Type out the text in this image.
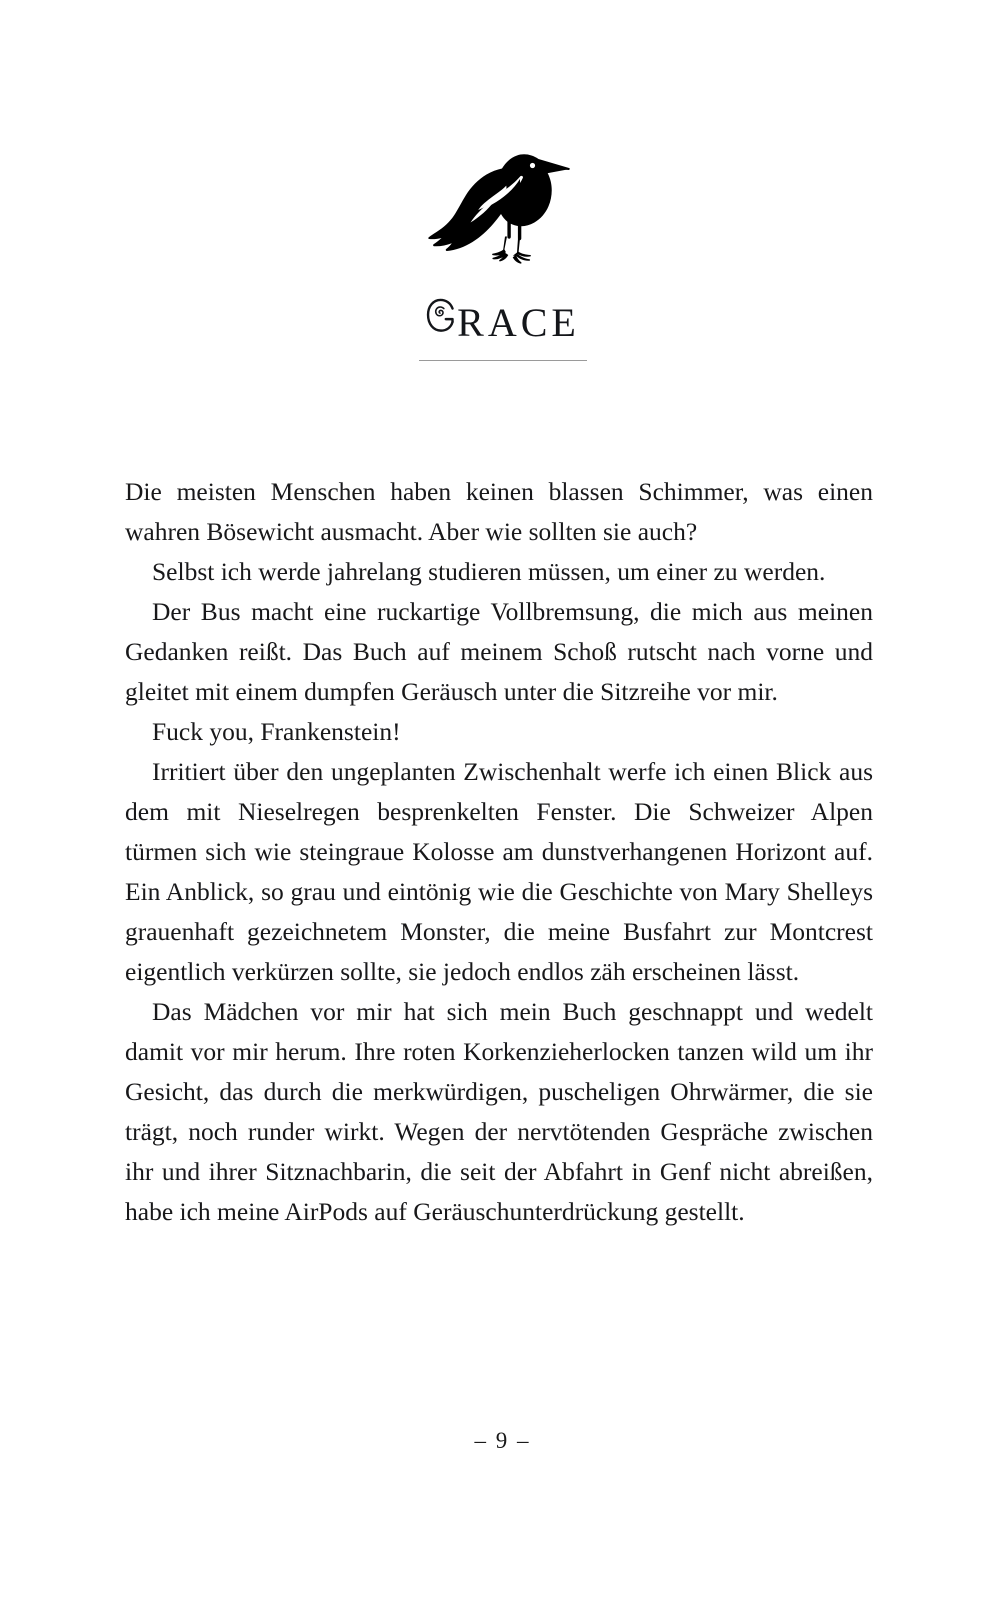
RACE

Die meisten Menschen haben keinen blassen Schimmer, was einen wahren Bösewicht ausmacht. Aber wie sollten sie auch?

Selbst ich werde jahrelang studieren müssen, um einer zu werden.

Der Bus macht eine ruckartige Vollbremsung, die mich aus meinen Gedanken reißt. Das Buch auf meinem Schoß rutscht nach vorne und gleitet mit einem dumpfen Geräusch unter die Sitzreihe vor mir.

Fuck you, Frankenstein!

Irritiert über den ungeplanten Zwischenhalt werfe ich einen Blick aus dem mit Nieselregen besprenkelten Fenster. Die Schweizer Alpen türmen sich wie steingraue Kolosse am dunstverhangenen Horizont auf. Ein Anblick, so grau und eintönig wie die Geschichte von Mary Shelleys grauenhaft gezeichnetem Monster, die meine Busfahrt zur Montcrest eigentlich verkürzen sollte, sie jedoch endlos zäh erscheinen lässt.

Das Mädchen vor mir hat sich mein Buch geschnappt und wedelt damit vor mir herum. Ihre roten Korkenzieherlocken tanzen wild um ihr Gesicht, das durch die merkwürdigen, puscheligen Ohrwärmer, die sie trägt, noch runder wirkt. Wegen der nervtötenden Gespräche zwischen ihr und ihrer Sitznachbarin, die seit der Abfahrt in Genf nicht abreißen, habe ich meine AirPods auf Geräuschunterdrückung gestellt.

– 9 –
